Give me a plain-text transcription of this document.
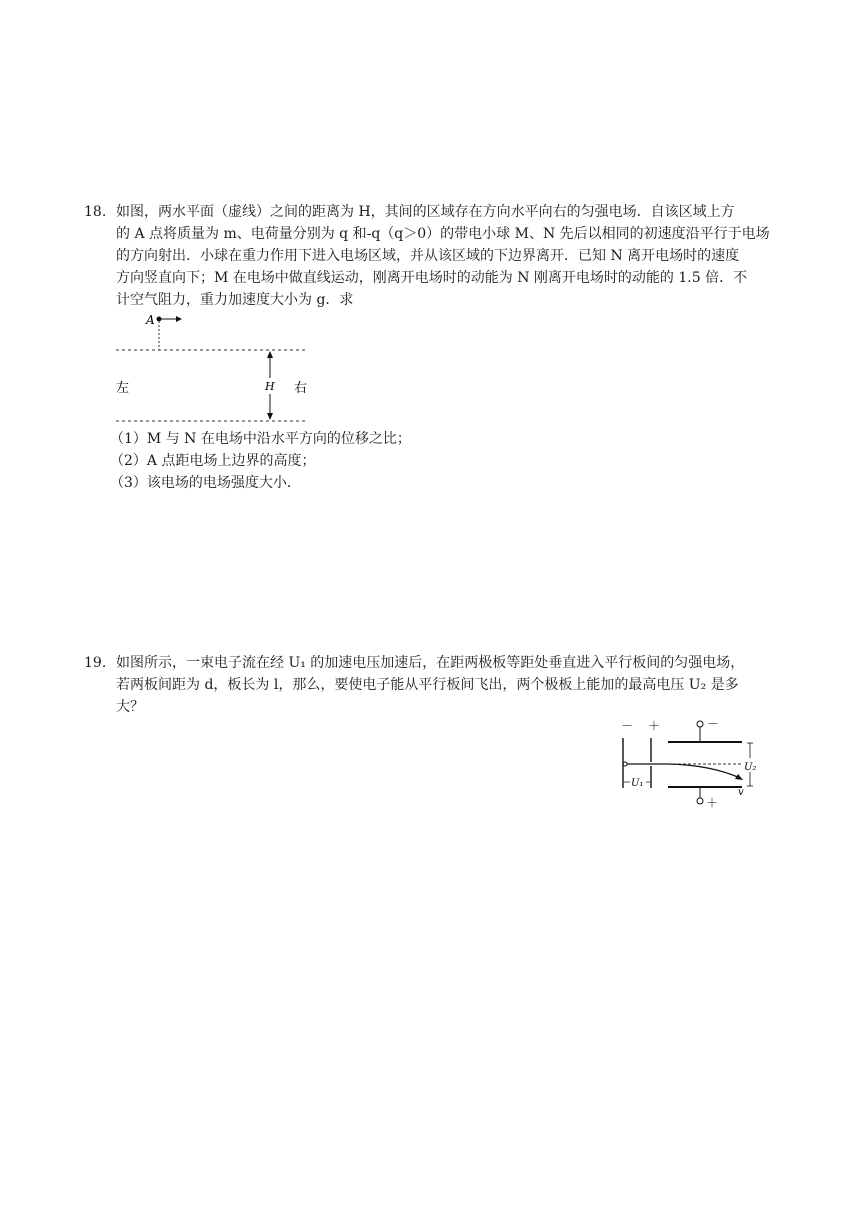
18. 如图，两水平面（虚线）之间的距离为 H，其间的区域存在方向水平向右的匀强电场．自该区域上方
的 A 点将质量为 m、电荷量分别为 q 和-q（q＞0）的带电小球 M、N 先后以相同的初速度沿平行于电场
的方向射出．小球在重力作用下进入电场区域，并从该区域的下边界离开．已知 N 离开电场时的速度
方向竖直向下；M 在电场中做直线运动，刚离开电场时的动能为 N 刚离开电场时的动能的 1.5 倍．不
计空气阻力，重力加速度大小为 g．求
A
H
左	右
（1）M 与 N 在电场中沿水平方向的位移之比；
（2）A 点距电场上边界的高度；
（3）该电场的电场强度大小．
19. 如图所示，一束电子流在经 U₁ 的加速电压加速后，在距两极板等距处垂直进入平行板间的匀强电场，
若两板间距为 d，板长为 l，那么，要使电子能从平行板间飞出，两个极板上能加的最高电压 U₂ 是多
大？
－ ＋
U₁
－
＋
U₂
v
